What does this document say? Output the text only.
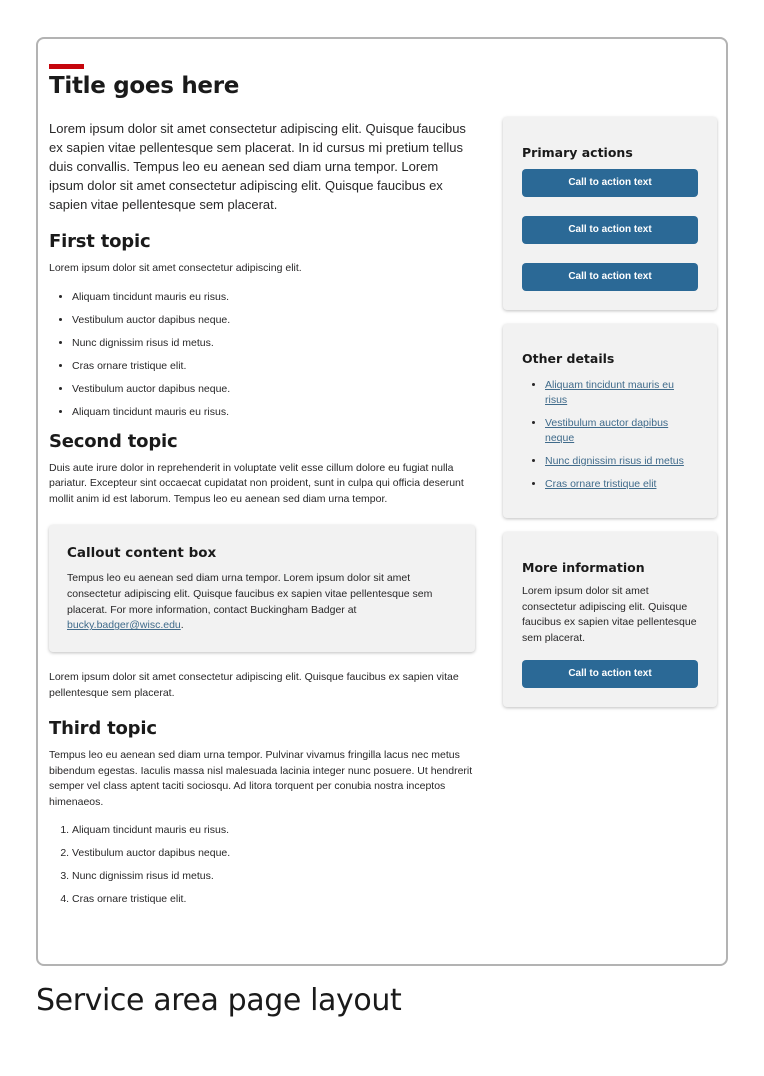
Title goes here

Lorem ipsum dolor sit amet consectetur adipiscing elit. Quisque faucibus ex sapien vitae pellentesque sem placerat. In id cursus mi pretium tellus duis convallis. Tempus leo eu aenean sed diam urna tempor. Lorem ipsum dolor sit amet consectetur adipiscing elit. Quisque faucibus ex sapien vitae pellentesque sem placerat.

First topic

Lorem ipsum dolor sit amet consectetur adipiscing elit.

• Aliquam tincidunt mauris eu risus.
• Vestibulum auctor dapibus neque.
• Nunc dignissim risus id metus.
• Cras ornare tristique elit.
• Vestibulum auctor dapibus neque.
• Aliquam tincidunt mauris eu risus.
Second topic

Duis aute irure dolor in reprehenderit in voluptate velit esse cillum dolore eu fugiat nulla pariatur. Excepteur sint occaecat cupidatat non proident, sunt in culpa qui officia deserunt mollit anim id est laborum. Tempus leo eu aenean sed diam urna tempor.

Callout content box

Tempus leo eu aenean sed diam urna tempor. Lorem ipsum dolor sit amet consectetur adipiscing elit. Quisque faucibus ex sapien vitae pellentesque sem placerat. For more information, contact Buckingham Badger at bucky.badger@wisc.edu.

Lorem ipsum dolor sit amet consectetur adipiscing elit. Quisque faucibus ex sapien vitae pellentesque sem placerat.

Third topic

Tempus leo eu aenean sed diam urna tempor. Pulvinar vivamus fringilla lacus nec metus bibendum egestas. Iaculis massa nisl malesuada lacinia integer nunc posuere. Ut hendrerit semper vel class aptent taciti sociosqu. Ad litora torquent per conubia nostra inceptos himenaeos.

1. Aliquam tincidunt mauris eu risus.
2. Vestibulum auctor dapibus neque.
3. Nunc dignissim risus id metus.
4. Cras ornare tristique elit.
Primary actions
Call to action text
Call to action text
Call to action text
Other details
• Aliquam tincidunt mauris eu risus
• Vestibulum auctor dapibus neque
• Nunc dignissim risus id metus
• Cras ornare tristique elit
More information

Lorem ipsum dolor sit amet consectetur adipiscing elit. Quisque faucibus ex sapien vitae pellentesque sem placerat.

Call to action text
Service area page layout
